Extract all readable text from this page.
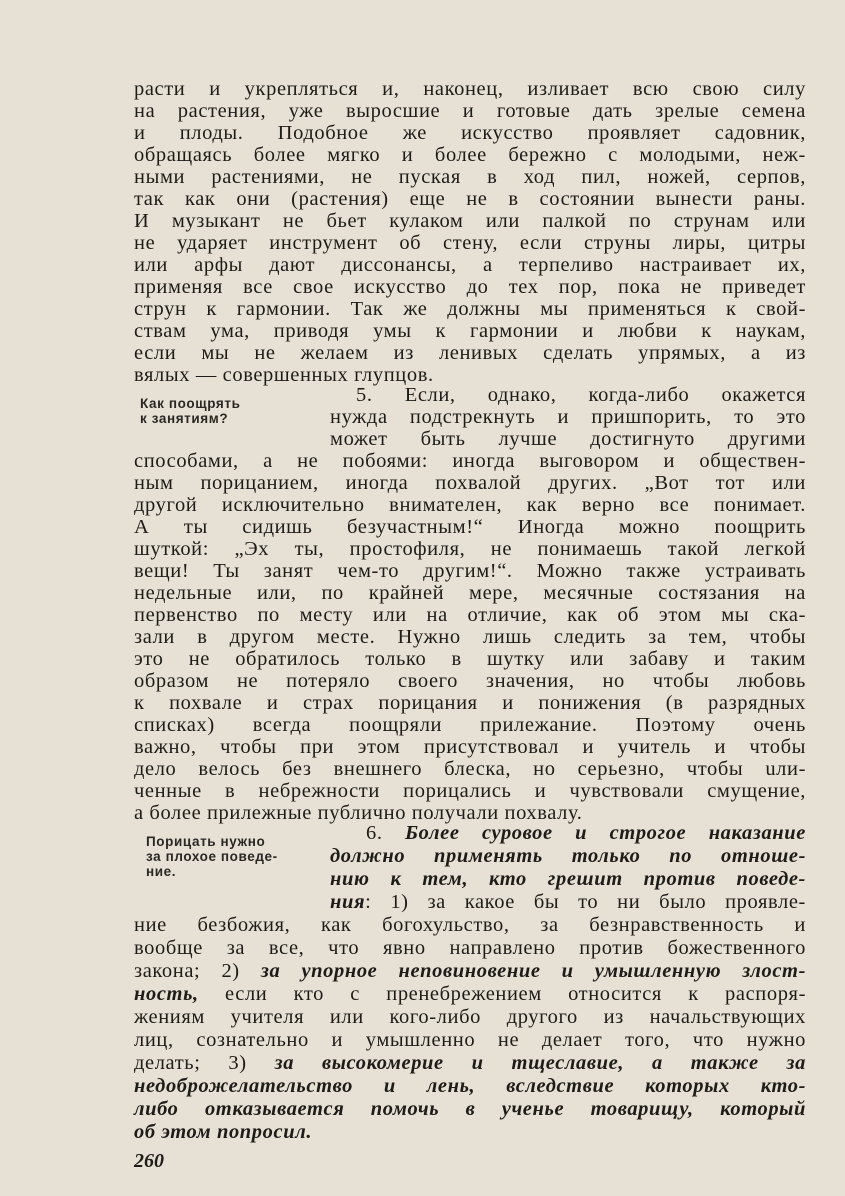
расти и укрепляться и, наконец, изливает всю свою силу
на растения, уже выросшие и готовые дать зрелые семена
и плоды. Подобное же искусство проявляет садовник,
обращаясь более мягко и более бережно с молодыми, неж-
ными растениями, не пуская в ход пил, ножей, серпов,
так как они (растения) еще не в состоянии вынести раны.
И музыкант не бьет кулаком или палкой по струнам или
не ударяет инструмент об стену, если струны лиры, цитры
или арфы дают диссонансы, а терпеливо настраивает их,
применяя все свое искусство до тех пор, пока не приведет
струн к гармонии. Так же должны мы применяться к свой-
ствам ума, приводя умы к гармонии и любви к наукам,
если мы не желаем из ленивых сделать упрямых, а из
вялых — совершенных глупцов.
Как поощрять
к занятиям?
5. Если, однако, когда-либо окажется
нужда подстрекнуть и пришпорить, то это
может быть лучше достигнуто другими
способами, а не побоями: иногда выговором и обществен-
ным порицанием, иногда похвалой других. „Вот тот или
другой исключительно внимателен, как верно все понимает.
А ты сидишь безучастным!“ Иногда можно поощрить
шуткой: „Эх ты, простофиля, не понимаешь такой легкой
вещи! Ты занят чем-то другим!“. Можно также устраивать
недельные или, по крайней мере, месячные состязания на
первенство по месту или на отличие, как об этом мы ска-
зали в другом месте. Нужно лишь следить за тем, чтобы
это не обратилось только в шутку или забаву и таким
образом не потеряло своего значения, но чтобы любовь
к похвале и страх порицания и понижения (в разрядных
списках) всегда поощряли прилежание. Поэтому очень
важно, чтобы при этом присутствовал и учитель и чтобы
дело велось без внешнего блеска, но серьезно, чтобы uли-
ченные в небрежности порицались и чувствовали смущение,
а более прилежные публично получали похвалу.
Порицать нужно
за плохое поведе-
ние.
6. Более суровое и строгое наказание
должно применять только по отноше-
нию к тем, кто грешит против поведе-
ния: 1) за какое бы то ни было проявле-
ние безбожия, как богохульство, за безнравственность и
вообще за все, что явно направлено против божественного
закона; 2) за упорное неповиновение и умышленную злост-
ность, если кто с пренебрежением относится к распоря-
жениям учителя или кого-либо другого из начальствующих
лиц, сознательно и умышленно не делает того, что нужно
делать; 3) за высокомерие и тщеславие, а также за
недоброжелательство и лень, вследствие которых кто-
либо отказывается помочь в ученье товарищу, который
об этом попросил.
260
